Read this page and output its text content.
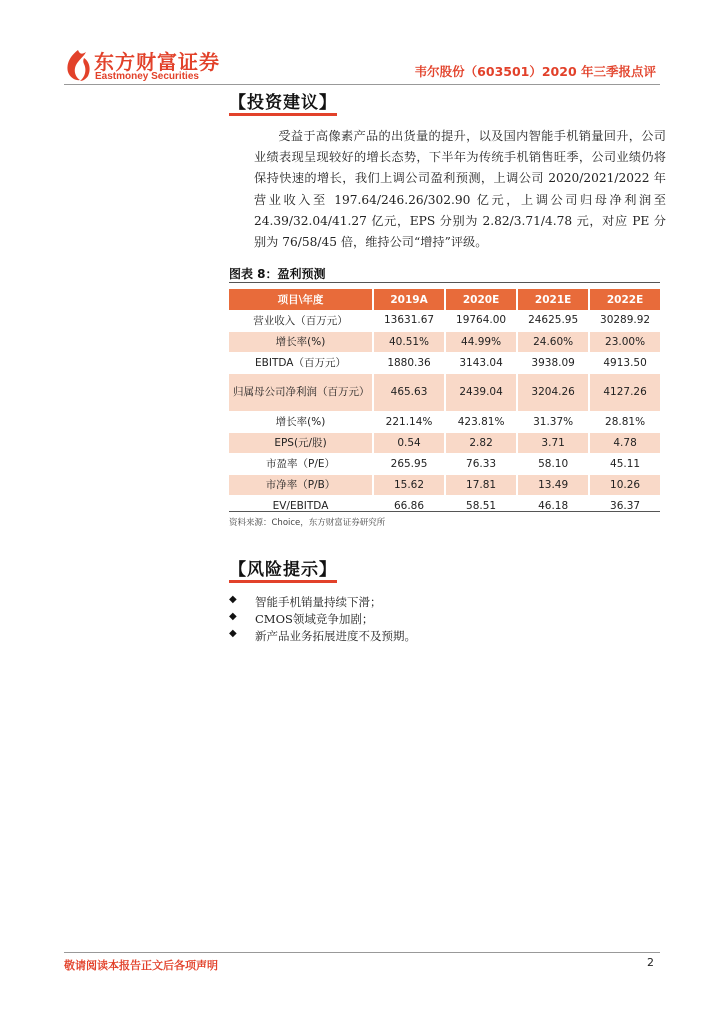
东方财富证券
Eastmoney Securities	韦尔股份（603501）2020 年三季报点评
【投资建议】

受益于高像素产品的出货量的提升，以及国内智能手机销量回升，公司业绩表现呈现较好的增长态势，下半年为传统手机销售旺季，公司业绩仍将保持快速的增长，我们上调公司盈利预测，上调公司 2020/2021/2022 年营业收入至 197.64/246.26/302.90 亿元，上调公司归母净利润至 24.39/32.04/41.27 亿元，EPS 分别为 2.82/3.71/4.78 元，对应 PE 分别为 76/58/45 倍，维持公司“增持”评级。

图表 8：盈利预测
项目\年度	2019A	2020E	2021E	2022E
营业收入（百万元）	13631.67	19764.00	24625.95	30289.92
增长率(%)	40.51%	44.99%	24.60%	23.00%
EBITDA（百万元）	1880.36	3143.04	3938.09	4913.50
归属母公司净利润（百万元）	465.63	2439.04	3204.26	4127.26
增长率(%)	221.14%	423.81%	31.37%	28.81%
EPS(元/股)	0.54	2.82	3.71	4.78
市盈率（P/E）	265.95	76.33	58.10	45.11
市净率（P/B）	15.62	17.81	13.49	10.26
EV/EBITDA	66.86	58.51	46.18	36.37
资料来源：Choice，东方财富证券研究所
【风险提示】
◆ 智能手机销量持续下滑；
◆ CMOS领域竞争加剧；
◆ 新产品业务拓展进度不及预期。
敬请阅读本报告正文后各项声明	2
